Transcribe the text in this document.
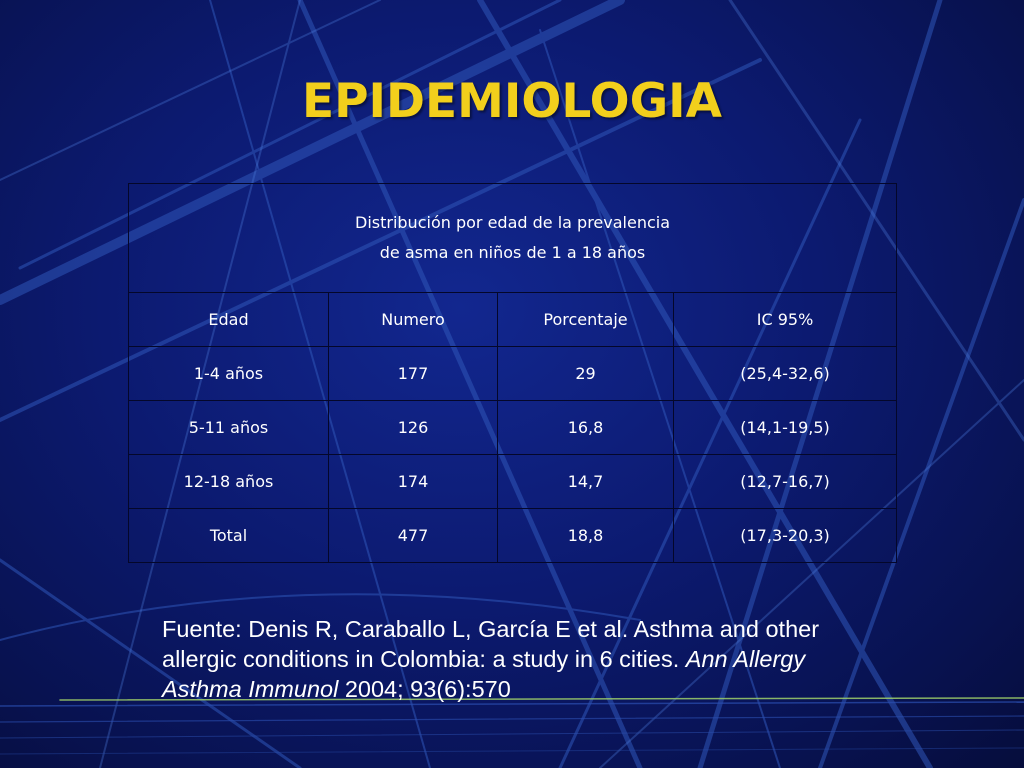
EPIDEMIOLOGIA
Distribución por edad de la prevalencia
de asma en niños de 1 a 18 años			

Edad	Numero	Porcentaje	IC 95%
1-4 años	177	29	(25,4-32,6)
5-11 años	126	16,8	(14,1-19,5)
12-18 años	174	14,7	(12,7-16,7)
Total	477	18,8	(17,3-20,3)

Fuente: Denis R, Caraballo L, García E et al. Asthma and other allergic conditions in Colombia: a study in 6 cities. Ann Allergy Asthma Immunol 2004; 93(6):570
